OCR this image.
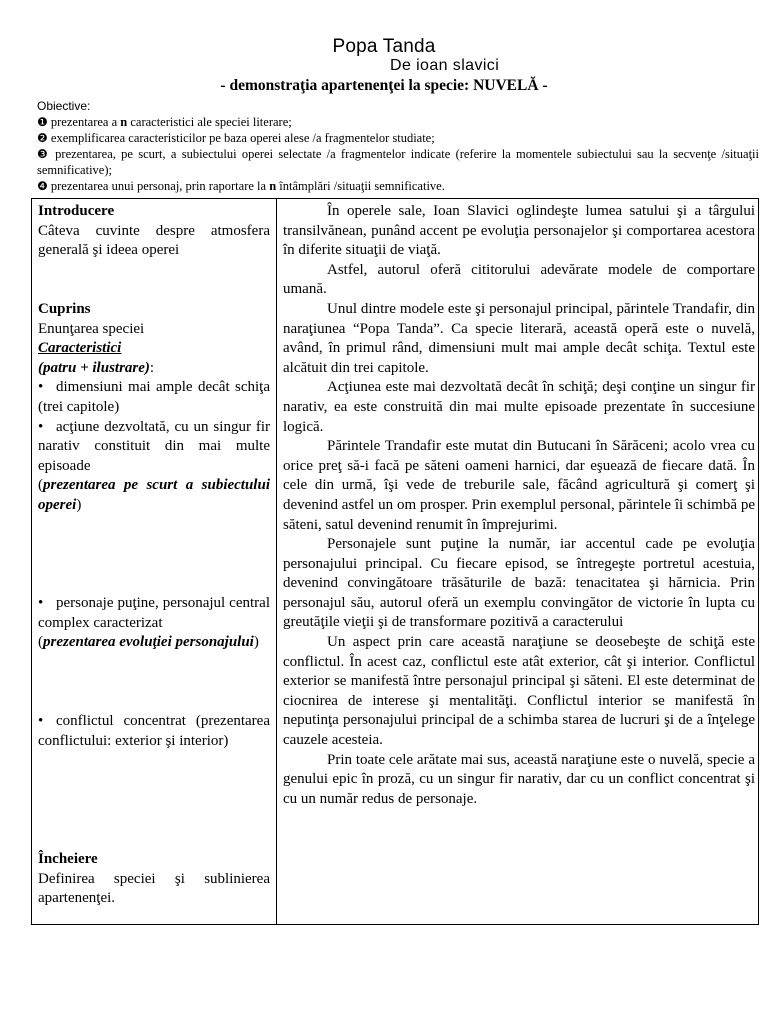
Popa Tanda
De ioan slavici
- demonstraţia apartenenţei la specie: NUVELĂ -

Obiective:

❶ prezentarea a n caracteristici ale speciei literare;

❷ exemplificarea caracteristicilor pe baza operei alese /a fragmentelor studiate;

❸ prezentarea, pe scurt, a subiectului operei selectate /a fragmentelor indicate (referire la momentele subiectului sau la secvenţe /situaţii semnificative);

❹ prezentarea unui personaj, prin raportare la n întâmplări /situaţii semnificative.

Introducere
Câteva cuvinte despre atmosfera generală şi ideea operei
Cuprins
Enunţarea speciei
Caracteristici
(patru + ilustrare):
• dimensiuni mai ample decât schiţa (trei capitole)
• acţiune dezvoltată, cu un singur fir narativ constituit din mai multe episoade
(prezentarea pe scurt a subiectului operei)
• personaje puţine, personajul central complex caracterizat
(prezentarea evoluţiei personajului)
• conflictul concentrat (prezentarea conflictului: exterior şi interior)
Încheiere
Definirea speciei şi sublinierea apartenenţei.
În operele sale, Ioan Slavici oglindeşte lumea satului şi a târgului transilvănean, punând accent pe evoluţia personajelor şi comportarea acestora în diferite situaţii de viaţă.
Astfel, autorul oferă cititorului adevărate modele de comportare umană.
Unul dintre modele este şi personajul principal, părintele Trandafir, din naraţiunea “Popa Tanda”. Ca specie literară, această operă este o nuvelă, având, în primul rând, dimensiuni mult mai ample decât schiţa. Textul este alcătuit din trei capitole.
Acţiunea este mai dezvoltată decât în schiţă; deşi conţine un singur fir narativ, ea este construită din mai multe episoade prezentate în succesiune logică.
Părintele Trandafir este mutat din Butucani în Sărăceni; acolo vrea cu orice preţ să-i facă pe săteni oameni harnici, dar eşuează de fiecare dată. În cele din urmă, îşi vede de treburile sale, făcând agricultură şi comerţ şi devenind astfel un om prosper. Prin exemplul personal, părintele îi schimbă pe săteni, satul devenind renumit în împrejurimi.
Personajele sunt puţine la număr, iar accentul cade pe evoluţia personajului principal. Cu fiecare episod, se întregeşte portretul acestuia, devenind convingătoare trăsăturile de bază: tenacitatea şi hărnicia. Prin personajul său, autorul oferă un exemplu convingător de victorie în lupta cu greutăţile vieţii şi de transformare pozitivă a caracterului
Un aspect prin care această naraţiune se deosebeşte de schiţă este conflictul. În acest caz, conflictul este atât exterior, cât şi interior. Conflictul exterior se manifestă între personajul principal şi săteni. El este determinat de ciocnirea de interese şi mentalităţi. Conflictul interior se manifestă în neputinţa personajului principal de a schimba starea de lucruri şi de a înţelege cauzele acesteia.
Prin toate cele arătate mai sus, această naraţiune este o nuvelă, specie a genului epic în proză, cu un singur fir narativ, dar cu un conflict concentrat şi cu un număr redus de personaje.
